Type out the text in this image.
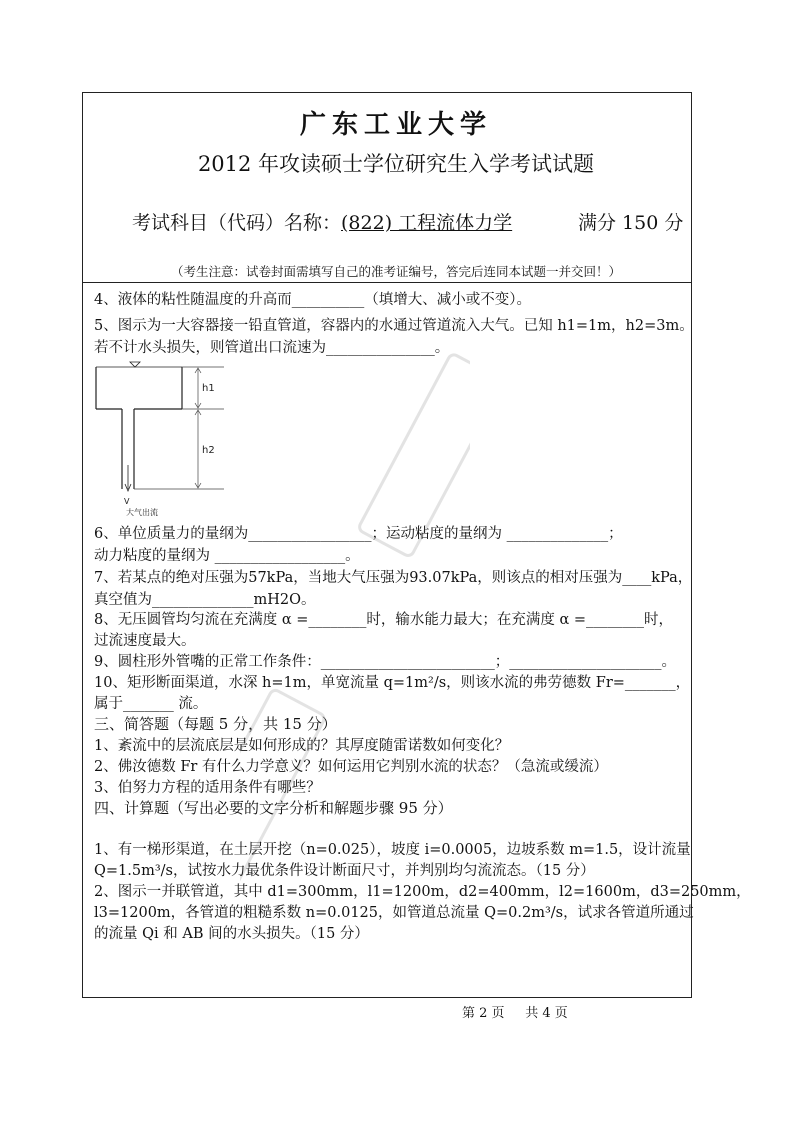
广东工业大学
2012 年攻读硕士学位研究生入学考试试题
考试科目（代码）名称：(822) 工程流体力学	满分 150 分
（考生注意：试卷封面需填写自己的准考证编号，答完后连同本试题一并交回！）
4、液体的粘性随温度的升高而__________（填增大、减小或不变）。
5、图示为一大容器接一铅直管道，容器内的水通过管道流入大气。已知 h1=1m，h2=3m。
若不计水头损失，则管道出口流速为_______________。
h1
h2
V
大气出流
6、单位质量力的量纲为_________________；运动粘度的量纲为 ______________；
动力粘度的量纲为 __________________。
7、若某点的绝对压强为57kPa，当地大气压强为93.07kPa，则该点的相对压强为____kPa，
真空值为______________mH2O。
8、无压圆管均匀流在充满度 α =________时，输水能力最大；在充满度 α =________时，
过流速度最大。
9、圆柱形外管嘴的正常工作条件：________________________；_____________________。
10、矩形断面渠道，水深 h=1m，单宽流量 q=1m²/s，则该水流的弗劳德数 Fr=_______，
属于_______ 流。
三、简答题（每题 5 分，共 15 分）
1、紊流中的层流底层是如何形成的？其厚度随雷诺数如何变化？
2、佛汝德数 Fr 有什么力学意义？如何运用它判别水流的状态？（急流或缓流）
3、伯努力方程的适用条件有哪些？
四、计算题（写出必要的文字分析和解题步骤 95 分）
1、有一梯形渠道，在土层开挖（n=0.025），坡度 i=0.0005，边坡系数 m=1.5，设计流量
Q=1.5m³/s，试按水力最优条件设计断面尺寸，并判别均匀流流态。（15 分）
2、图示一并联管道，其中 d1=300mm，l1=1200m，d2=400mm，l2=1600m，d3=250mm，
l3=1200m，各管道的粗糙系数 n=0.0125，如管道总流量 Q=0.2m³/s，试求各管道所通过
的流量 Qi 和 AB 间的水头损失。（15 分）
第 2 页 共 4 页
